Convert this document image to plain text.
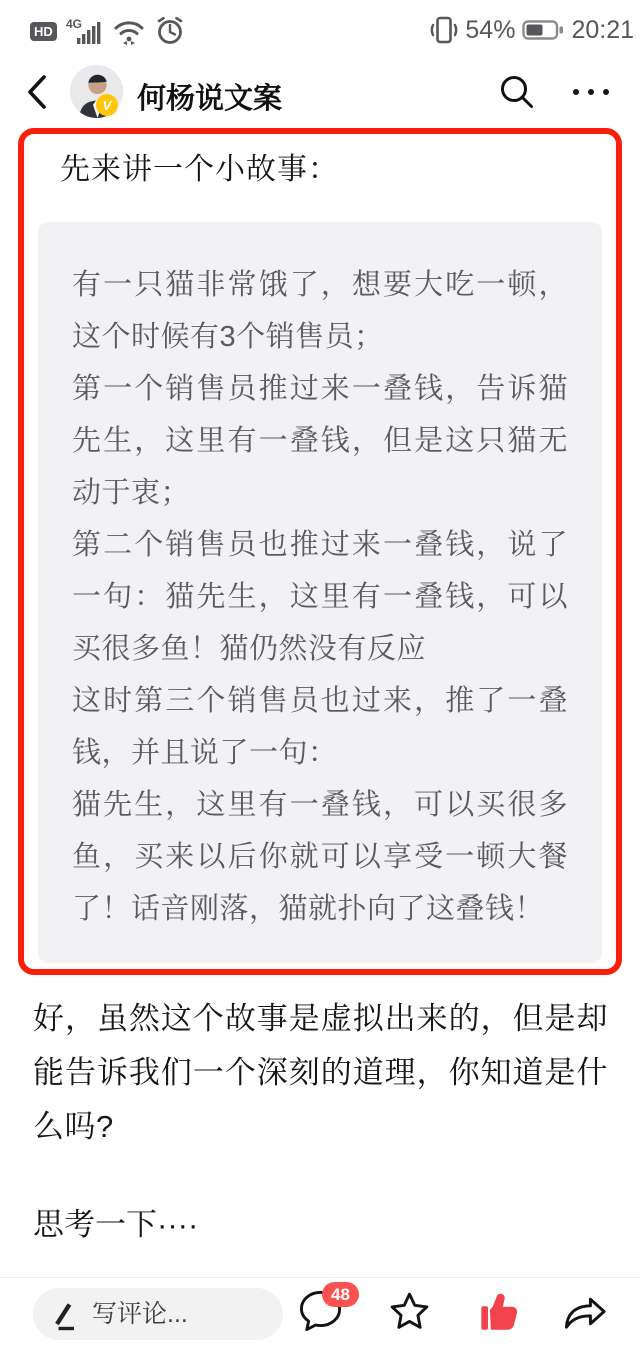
HD	4G	54% 20:21
V 何杨说文案
先来讲一个小故事：

有一只猫非常饿了，想要大吃一顿，这个时候有3个销售员；

第一个销售员推过来一叠钱，告诉猫先生，这里有一叠钱，但是这只猫无动于衷；

第二个销售员也推过来一叠钱，说了一句：猫先生，这里有一叠钱，可以买很多鱼！猫仍然没有反应

这时第三个销售员也过来，推了一叠钱，并且说了一句：

猫先生，这里有一叠钱，可以买很多鱼，买来以后你就可以享受一顿大餐了！话音刚落，猫就扑向了这叠钱！

好，虽然这个故事是虚拟出来的，但是却能告诉我们一个深刻的道理，你知道是什么吗?
思考一下····
写评论...
48
